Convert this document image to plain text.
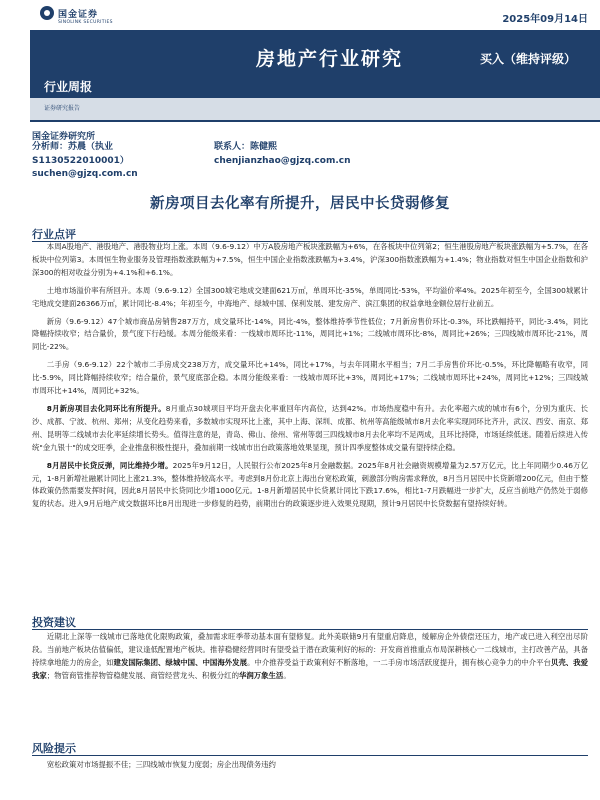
国金证券
SINOLINK SECURITIES	2025年09月14日
房地产行业研究	买入（维持评级）
行业周报
证券研究报告
国金证券研究所
分析师：苏晨（执业
S1130522010001）
suchen@gjzq.com.cn
联系人：陈健熙
chenjianzhao@gjzq.com.cn
新房项目去化率有所提升，居民中长贷弱修复
行业点评

本周A股地产、港股地产、港股物业均上涨。本周（9.6-9.12）中万A股房地产板块涨跌幅为+6%，在各板块中位列第2；恒生港股房地产板块涨跌幅为+5.7%，在各板块中位列第3。本周恒生物业服务及管理指数涨跌幅为+7.5%，恒生中国企业指数涨跌幅为+3.4%，沪深300指数涨跌幅为+1.4%；物业指数对恒生中国企业指数和沪深300的相对收益分别为+4.1%和+6.1%。

土地市场溢价率有所回升。本周（9.6-9.12）全国300城宅地成交建面621万㎡，单周环比-35%，单周同比-53%，平均溢价率4%。2025年初至今，全国300城累计宅地成交建面26366万㎡，累计同比-8.4%；年初至今，中海地产、绿城中国、保利发展、建发房产、滨江集团的权益拿地金额位居行业前五。

新房（9.6-9.12）47个城市商品房销售287万方，成交量环比-14%，同比-4%，整体维持季节性低位；7月新房售价环比-0.3%，环比跌幅持平，同比-3.4%，同比降幅持续收窄；结合量价，景气度下行趋缓。本周分能级来看：一线城市周环比-11%，周同比+1%；二线城市周环比-8%，周同比+26%；三四线城市周环比-21%，周同比-22%。

二手房（9.6-9.12）22个城市二手房成交238万方，成交量环比+14%，同比+17%，与去年同期水平相当；7月二手房售价环比-0.5%，环比降幅略有收窄，同比-5.9%，同比降幅持续收窄；结合量价，景气度底部企稳。本周分能级来看：一线城市周环比+3%，周同比+17%；二线城市周环比+24%，周同比+12%；三四线城市周环比+14%，周同比+32%。

8月新房项目去化同环比有所提升。8月重点30城项目平均开盘去化率重回年内高位，达到42%。市场热度稳中有升。去化率超六成的城市有6个，分别为重庆、长沙、成都、宁波、杭州、郑州；从变化趋势来看，多数城市实现环比上涨，其中上海、深圳、成都、杭州等高能级城市8月去化率实现同环比齐升，武汉、西安、南京、郑州、昆明等二线城市去化率延续增长势头。值得注意的是，青岛、佛山、徐州、常州等弱三四线城市8月去化率均不足两成，且环比持降，市场延续低迷。随着后续进入传统"金九银十"的成交旺季，企业推盘积极性提升，叠加前期一线城市出台政策落地效果显现，预计四季度整体成交量有望持续企稳。

8月居民中长贷反弹，同比维持少增。2025年9月12日，人民银行公布2025年8月金融数据。2025年8月社会融资规模增量为2.57万亿元，比上年同期少0.46万亿元，1-8月新增社融累计同比上涨21.3%，整体维持较高水平。考虑到8月份北京上海出台宽松政策，刺激部分购房需求释放，8月当月居民中长贷新增200亿元，但由于整体政策仍然需要发挥时间，因此8月居民中长贷同比少增1000亿元。1-8月新增居民中长贷累计同比下跌17.6%，相比1-7月跌幅进一步扩大，反应当前地产仍然处于弱修复的状态。进入9月后地产成交数据环比8月出现进一步修复的趋势，前期出台的政策逐步进入效果兑现期，预计9月居民中长贷数据有望持续好转。

投资建议

近期北上深等一线城市已落地优化限购政策，叠加需求旺季带动基本面有望修复。此外美联储9月有望重启降息，缓解房企外债偿还压力，地产或已进入利空出尽阶段。当前地产板块估值偏低，建议逢低配置地产板块。推荐稳健经营同时有望受益于潜在政策利好的标的：开发商首推重点布局深耕核心一二线城市，主打改善产品，具备持续拿地能力的房企，如建发国际集团、绿城中国、中国海外发展。中介推荐受益于政策利好不断落地，一二手房市场活跃度提升，拥有核心竞争力的中介平台贝壳、我爱我家；物管商管推荐物管稳健发展、商管经营龙头、积极分红的华润万象生活。

风险提示

宽松政策对市场提振不佳；三四线城市恢复力度弱；房企出现债务违约
